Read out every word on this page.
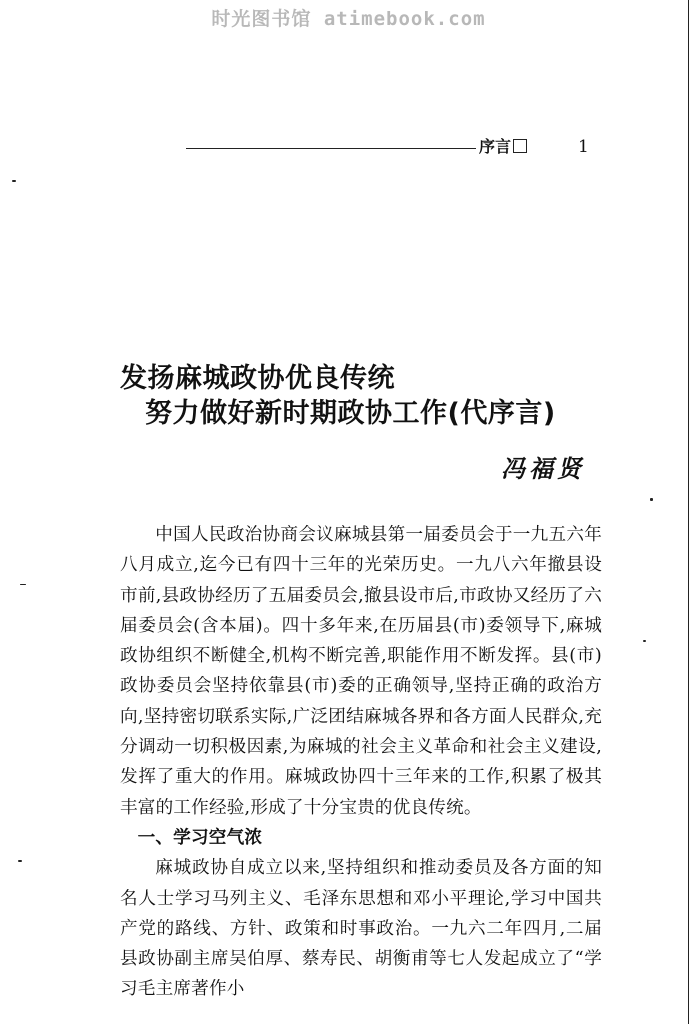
时光图书馆 atimebook.com
序言	1
发扬麻城政协优良传统
努力做好新时期政协工作(代序言)
冯福贤

中国人民政治协商会议麻城县第一届委员会于一九五六年八月成立,迄今已有四十三年的光荣历史。一九八六年撤县设市前,县政协经历了五届委员会,撤县设市后,市政协又经历了六届委员会(含本届)。四十多年来,在历届县(市)委领导下,麻城政协组织不断健全,机构不断完善,职能作用不断发挥。县(市)政协委员会坚持依靠县(市)委的正确领导,坚持正确的政治方向,坚持密切联系实际,广泛团结麻城各界和各方面人民群众,充分调动一切积极因素,为麻城的社会主义革命和社会主义建设,发挥了重大的作用。麻城政协四十三年来的工作,积累了极其丰富的工作经验,形成了十分宝贵的优良传统。

一、学习空气浓

麻城政协自成立以来,坚持组织和推动委员及各方面的知名人士学习马列主义、毛泽东思想和邓小平理论,学习中国共产党的路线、方针、政策和时事政治。一九六二年四月,二届县政协副主席吴伯厚、蔡寿民、胡衡甫等七人发起成立了“学习毛主席著作小
